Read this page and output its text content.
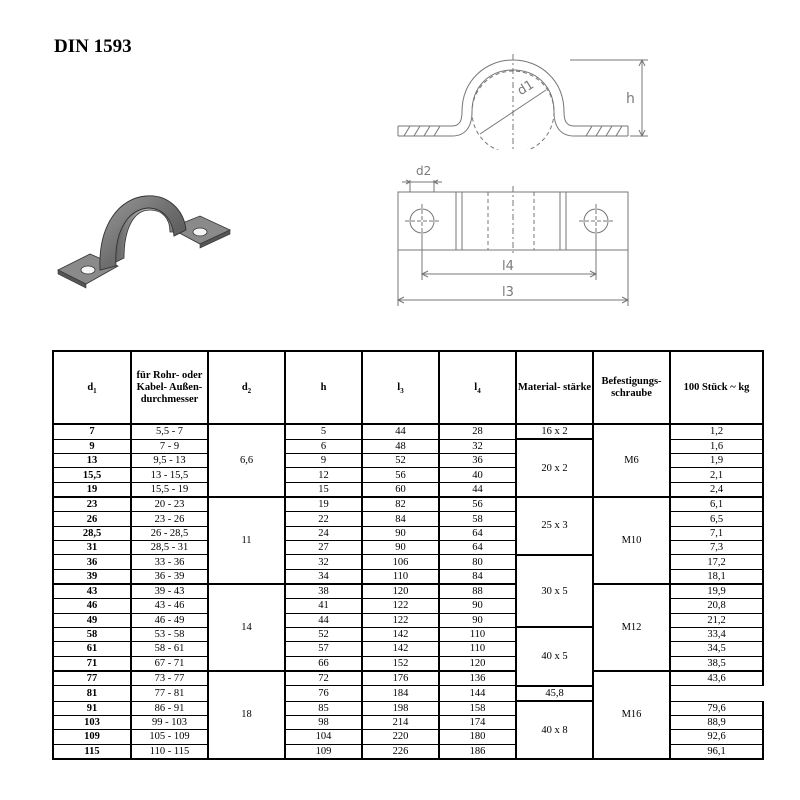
DIN 1593
d1
h
d2
l4
l3
$d_1$	für Rohr- oder Kabel- Außen- durchmesser	$d_2$	h	$l_3$	$l_4$	Material- stärke	Befestigungs- schraube	100 Stück ~ kg
7	5,5 - 7	6,6	5	44	28	16 x 2	M6	1,2
9	7 - 9		6	48	32	20 x 2		1,6
13	9,5 - 13		9	52	36			1,9
15,5	13 - 15,5		12	56	40			2,1
19	15,5 - 19		15	60	44			2,4
23	20 - 23	11	19	82	56	25 x 3	M10	6,1
26	23 - 26		22	84	58			6,5
28,5	26 - 28,5		24	90	64			7,1
31	28,5 - 31		27	90	64			7,3
36	33 - 36		32	106	80	30 x 5		17,2
39	36 - 39		34	110	84			18,1
43	39 - 43	14	38	120	88		M12	19,9
46	43 - 46		41	122	90			20,8
49	46 - 49		44	122	90			21,2
58	53 - 58		52	142	110	40 x 5		33,4
61	58 - 61		57	142	110			34,5
71	67 - 71		66	152	120			38,5
77	73 - 77	18	72	176	136		M16	43,6
81	77 - 81		76	184	144	45,8		
91	86 - 91		85	198	158	40 x 8		79,6
103	99 - 103		98	214	174			88,9
109	105 - 109		104	220	180			92,6
115	110 - 115		109	226	186			96,1
